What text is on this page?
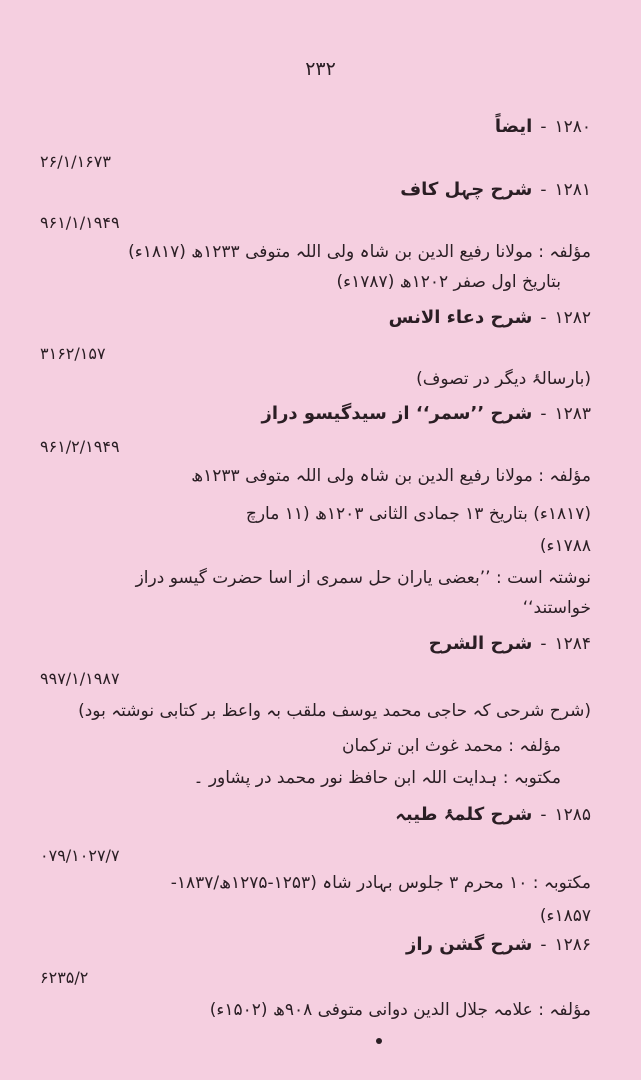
۲۳۲
۱۲۸۰-ایضاً
۲۶/۱/۱۶۷۳
۱۲۸۱-شرح چہل کاف
۹۶۱/۱/۱۹۴۹
مؤلفہ : مولانا رفیع الدین بن شاہ ولی اللہ متوفی ۱۲۳۳ھ (۱۸۱۷ء)
بتاریخ اول صفر ۱۲۰۲ھ (۱۷۸۷ء)
۱۲۸۲-شرح دعاء الانس
۳۱۶۲/۱۵۷
(بارسالۂ دیگر در تصوف)
۱۲۸۳-شرح ’’سمر‘‘ از سیدگیسو دراز
۹۶۱/۲/۱۹۴۹
مؤلفہ : مولانا رفیع الدین بن شاہ ولی اللہ متوفی ۱۲۳۳ھ
(۱۸۱۷ء) بتاریخ ۱۳ جمادی الثانی ۱۲۰۳ھ (۱۱ مارچ
۱۷۸۸ء)
نوشتہ است : ’’بعضی یاران حل سمری از اسا حضرت گیسو دراز
خواستند‘‘
۱۲۸۴-شرح الشرح
۹۹۷/۱/۱۹۸۷
(شرح شرحی کہ حاجی محمد یوسف ملقب بہ واعظ بر کتابی نوشتہ بود)
مؤلفہ : محمد غوث ابن ترکمان
مکتوبہ : ہدایت اللہ ابن حافظ نور محمد در پشاور ۔
۱۲۸۵-شرح کلمۂ طیبہ
۰۷۹/۱۰۲۷/۷
مکتوبہ : ۱۰ محرم ۳ جلوس بہادر شاہ (۱۲۵۳-۱۲۷۵ھ/۱۸۳۷-
۱۸۵۷ء)
۱۲۸۶-شرح گشن راز
۶۲۳۵/۲
مؤلفہ : علامہ جلال الدین دوانی متوفی ۹۰۸ھ (۱۵۰۲ء)
